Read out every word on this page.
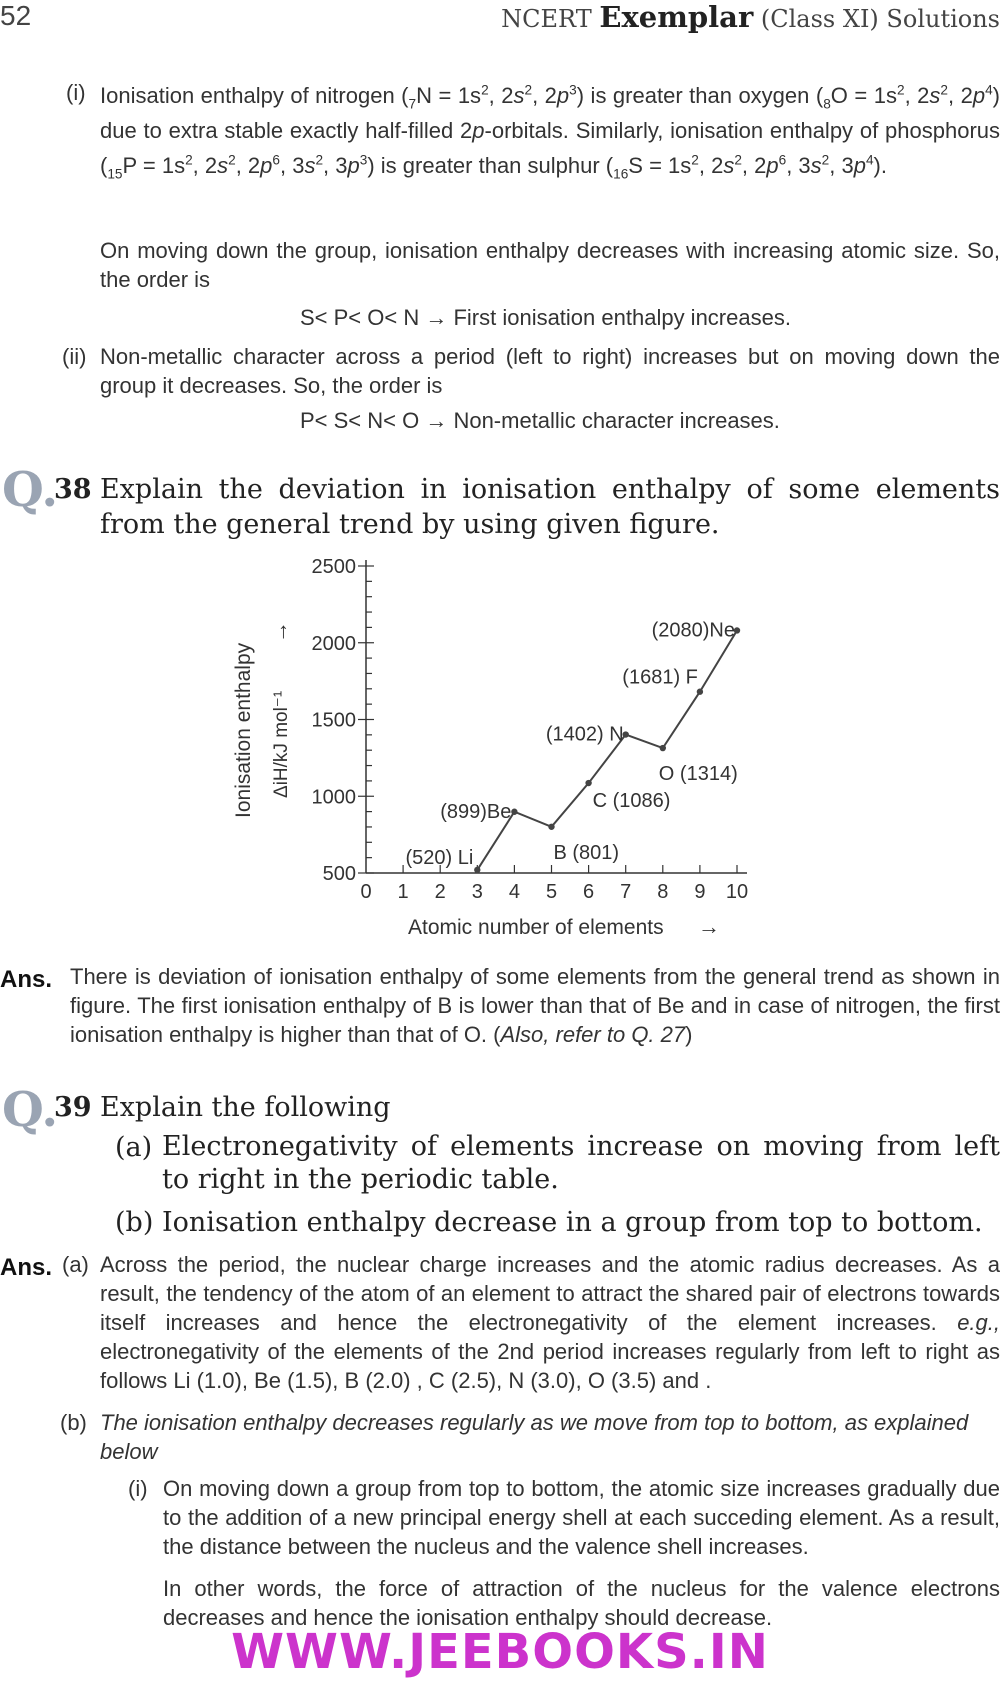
52	NCERT Exemplar (Class XI) Solutions
(i) Ionisation enthalpy of nitrogen ($_7N = 1s^2$, $2s^2$, $2p^3$) is greater than oxygen ($_8O = 1s^2$, $2s^2$, $2p^4$) due to extra stable exactly half-filled 2p-orbitals. Similarly, ionisation enthalpy of phosphorus ($_{15}P = 1s^2$, $2s^2$, $2p^6$, $3s^2$, $3p^3$) is greater than sulphur ($_{16}S = 1s^2$, $2s^2$, $2p^6$, $3s^2$, $3p^4$).
On moving down the group, ionisation enthalpy decreases with increasing atomic size. So, the order is
S< P< O< N → First ionisation enthalpy increases.
(ii) Non-metallic character across a period (left to right) increases but on moving down the group it decreases. So, the order is
P< S< N< O → Non-metallic character increases.
Q.
38 Explain the deviation in ionisation enthalpy of some elements from the general trend by using given figure.
500
1000
1500
2000
2500
0 1 2 3 4 5 6 7 8 9 10
(520) Li
(899)Be
B (801)
C (1086)
(1402) N
O (1314)
(1681) F
(2080)Ne
Ionisation enthalpy ΔiH/kJ mol⁻¹
→
Atomic number of elements →
Ans. There is deviation of ionisation enthalpy of some elements from the general trend as shown in figure. The first ionisation enthalpy of B is lower than that of Be and in case of nitrogen, the first ionisation enthalpy is higher than that of O. (Also, refer to Q. 27)
Q.
39 Explain the following
(a) Electronegativity of elements increase on moving from left to right in the periodic table.
(b) Ionisation enthalpy decrease in a group from top to bottom.
Ans. (a) Across the period, the nuclear charge increases and the atomic radius decreases. As a result, the tendency of the atom of an element to attract the shared pair of electrons towards itself increases and hence the electronegativity of the element increases. e.g., electronegativity of the elements of the 2nd period increases regularly from left to right as follows Li (1.0), Be (1.5), B (2.0) , C (2.5), N (3.0), O (3.5) and .
(b) The ionisation enthalpy decreases regularly as we move from top to bottom, as explained below
(i) On moving down a group from top to bottom, the atomic size increases gradually due to the addition of a new principal energy shell at each succeding element. As a result, the distance between the nucleus and the valence shell increases.
In other words, the force of attraction of the nucleus for the valence electrons decreases and hence the ionisation enthalpy should decrease.
WWW.JEEBOOKS.IN
